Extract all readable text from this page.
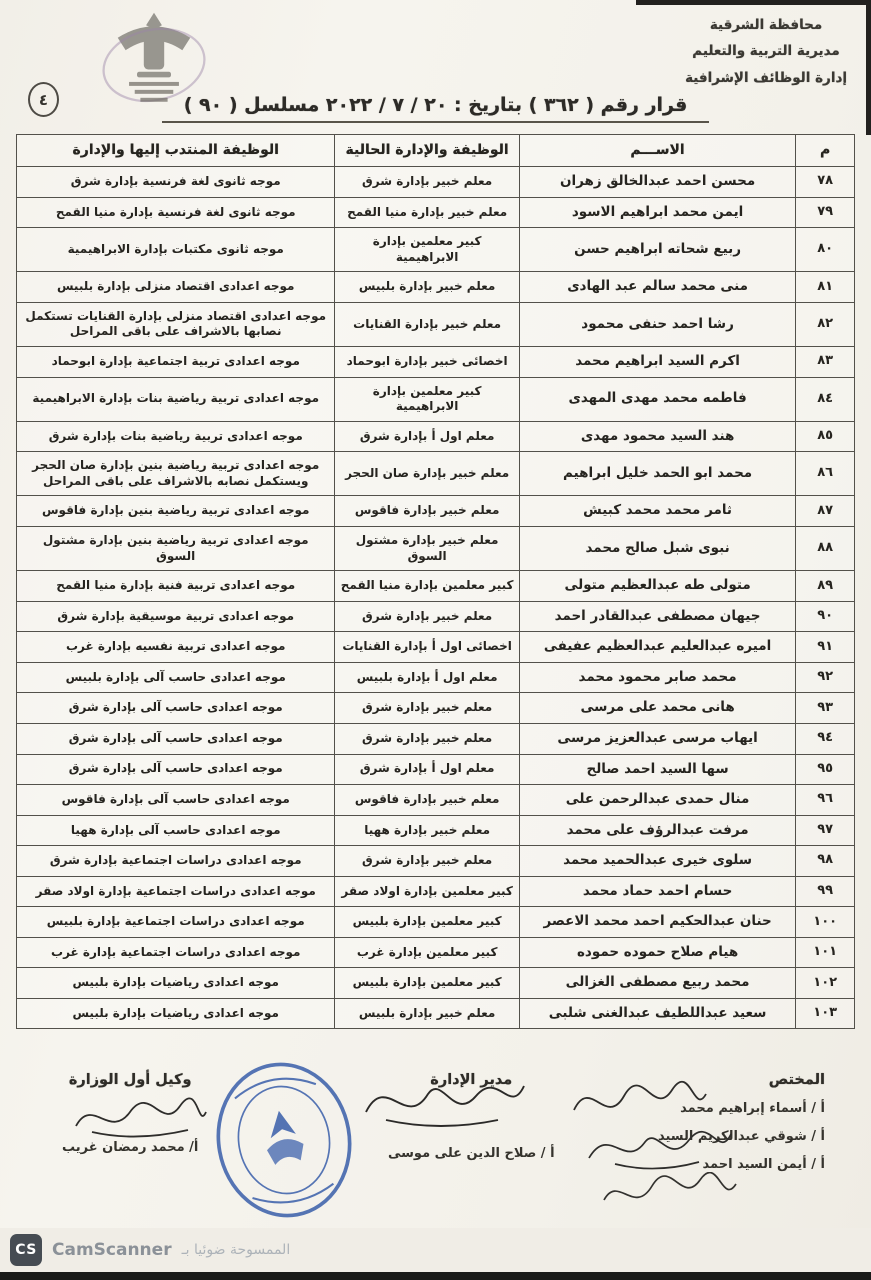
٤
محافظة الشرقية
مديرية التربية والتعليم
إدارة الوظائف الإشرافية
قرار رقم ( ٣٦٢ ) بتاريخ : ٢٠ / ٧ / ٢٠٢٢ مسلسل ( ٩٠ )
م	الاســـم	الوظيفة والإدارة الحالية	الوظيفة المنتدب إليها والإدارة
٧٨	محسن احمد عبدالخالق زهران	معلم خبير بإدارة شرق	موجه ثانوى لغة فرنسية بإدارة شرق
٧٩	ايمن محمد ابراهيم الاسود	معلم خبير بإدارة منيا القمح	موجه ثانوى لغة فرنسية بإدارة منيا القمح
٨٠	ربيع شحاته ابراهيم حسن	كبير معلمين بإدارة الابراهيمية	موجه ثانوى مكتبات بإدارة الابراهيمية
٨١	منى محمد سالم عبد الهادى	معلم خبير بإدارة بلبيس	موجه اعدادى اقتصاد منزلى بإدارة بلبيس
٨٢	رشا احمد حنفى محمود	معلم خبير بإدارة القنايات	موجه اعدادى اقتصاد منزلى بإدارة القنايات تستكمل نصابها بالاشراف على باقى المراحل
٨٣	اكرم السيد ابراهيم محمد	اخصائى خبير بإدارة ابوحماد	موجه اعدادى تربية اجتماعية بإدارة ابوحماد
٨٤	فاطمه محمد مهدى المهدى	كبير معلمين بإدارة الابراهيمية	موجه اعدادى تربية رياضية بنات بإدارة الابراهيمية
٨٥	هند السيد محمود مهدى	معلم اول أ بإدارة شرق	موجه اعدادى تربية رياضية بنات بإدارة شرق
٨٦	محمد ابو الحمد خليل ابراهيم	معلم خبير بإدارة صان الحجر	موجه اعدادى تربية رياضية بنين بإدارة صان الحجر ويستكمل نصابه بالاشراف على باقى المراحل
٨٧	ثامر محمد محمد كبيش	معلم خبير بإدارة فاقوس	موجه اعدادى تربية رياضية بنين بإدارة فاقوس
٨٨	نبوى شبل صالح محمد	معلم خبير بإدارة مشتول السوق	موجه اعدادى تربية رياضية بنين بإدارة مشتول السوق
٨٩	متولى طه عبدالعظيم متولى	كبير معلمين بإدارة منيا القمح	موجه اعدادى تربية فنية بإدارة منيا القمح
٩٠	جيهان مصطفى عبدالقادر احمد	معلم خبير بإدارة شرق	موجه اعدادى تربية موسيقية بإدارة شرق
٩١	اميره عبدالعليم عبدالعظيم عفيفى	اخصائى اول أ بإدارة القنايات	موجه اعدادى تربية نفسيه بإدارة غرب
٩٢	محمد صابر محمود محمد	معلم اول أ بإدارة بلبيس	موجه اعدادى حاسب آلى بإدارة بلبيس
٩٣	هانى محمد على مرسى	معلم خبير بإدارة شرق	موجه اعدادى حاسب آلى بإدارة شرق
٩٤	ايهاب مرسى عبدالعزيز مرسى	معلم خبير بإدارة شرق	موجه اعدادى حاسب آلى بإدارة شرق
٩٥	سها السيد احمد صالح	معلم اول أ بإدارة شرق	موجه اعدادى حاسب آلى بإدارة شرق
٩٦	منال حمدى عبدالرحمن على	معلم خبير بإدارة فاقوس	موجه اعدادى حاسب آلى بإدارة فاقوس
٩٧	مرفت عبدالرؤف على محمد	معلم خبير بإدارة ههيا	موجه اعدادى حاسب آلى بإدارة ههيا
٩٨	سلوى خيرى عبدالحميد محمد	معلم خبير بإدارة شرق	موجه اعدادى دراسات اجتماعية بإدارة شرق
٩٩	حسام احمد حماد محمد	كبير معلمين بإدارة اولاد صقر	موجه اعدادى دراسات اجتماعية بإدارة اولاد صقر
١٠٠	حنان عبدالحكيم احمد محمد الاعصر	كبير معلمين بإدارة بلبيس	موجه اعدادى دراسات اجتماعية بإدارة بلبيس
١٠١	هيام صلاح حموده حموده	كبير معلمين بإدارة غرب	موجه اعدادى دراسات اجتماعية بإدارة غرب
١٠٢	محمد ربيع مصطفى الغزالى	كبير معلمين بإدارة بلبيس	موجه اعدادى رياضيات بإدارة بلبيس
١٠٣	سعيد عبداللطيف عبدالغنى شلبى	معلم خبير بإدارة بلبيس	موجه اعدادى رياضيات بإدارة بلبيس
المختص
أ / أسماء إبراهيم محمد
أ / شوقي عبدالكريم السيد
أ / أيمن السيد احمد
مدير الإدارة
أ / صلاح الدين على موسى
وكيل أول الوزارة
أ/ محمد رمضان غريب
CS CamScanner الممسوحة ضوئيا بـ
